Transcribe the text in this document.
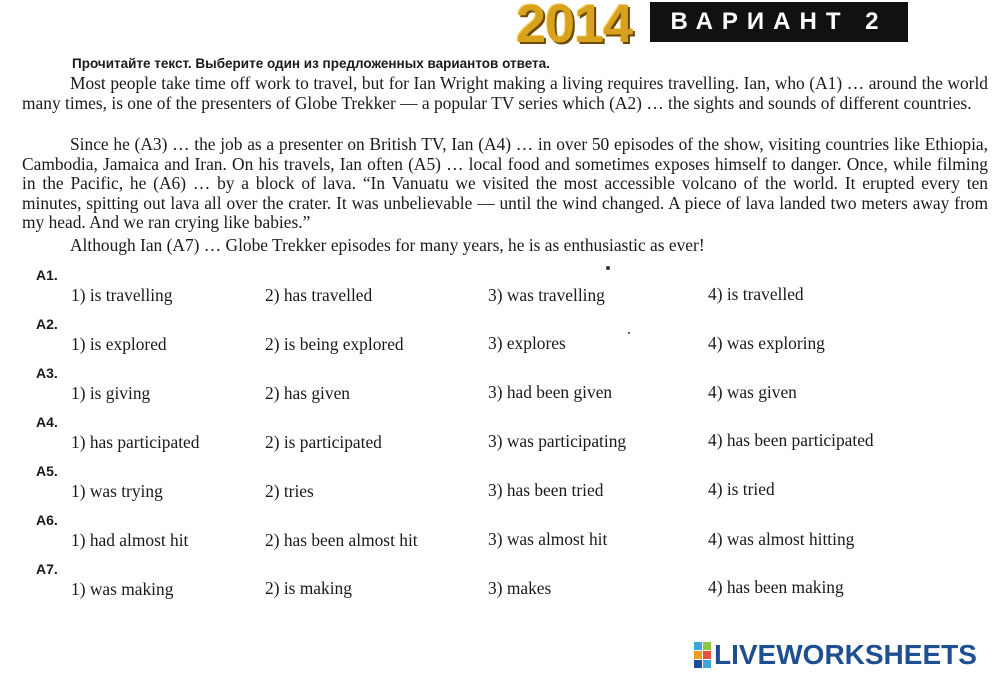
2014	ВАРИАНТ 2
Прочитайте текст. Выберите один из предложенных вариантов ответа.

Most people take time off work to travel, but for Ian Wright making a living requires travelling. Ian, who (A1) … around the world many times, is one of the presenters of Globe Trekker — a popular TV series which (A2) … the sights and sounds of different countries.

Since he (A3) … the job as a presenter on British TV, Ian (A4) … in over 50 episodes of the show, visiting countries like Ethiopia, Cambodia, Jamaica and Iran. On his travels, Ian often (A5) … local food and sometimes exposes himself to danger. Once, while filming in the Pacific, he (A6) … by a block of lava. “In Vanuatu we visited the most accessible volcano of the world. It erupted every ten minutes, spitting out lava all over the crater. It was unbelievable — until the wind changed. A piece of lava landed two meters away from my head. And we ran crying like babies.”

Although Ian (A7) … Globe Trekker episodes for many years, he is as enthusiastic as ever!

A1.
1) is travelling	2) has travelled	3) was travelling	4) is travelled
A2.
1) is explored	2) is being explored	3) explores	4) was exploring
A3.
1) is giving	2) has given	3) had been given	4) was given
A4.
1) has participated	2) is participated	3) was participating	4) has been participated
A5.
1) was trying	2) tries	3) has been tried	4) is tried
A6.
1) had almost hit	2) has been almost hit	3) was almost hit	4) was almost hitting
A7.
1) was making	2) is making	3) makes	4) has been making
LIVEWORKSHEETS
